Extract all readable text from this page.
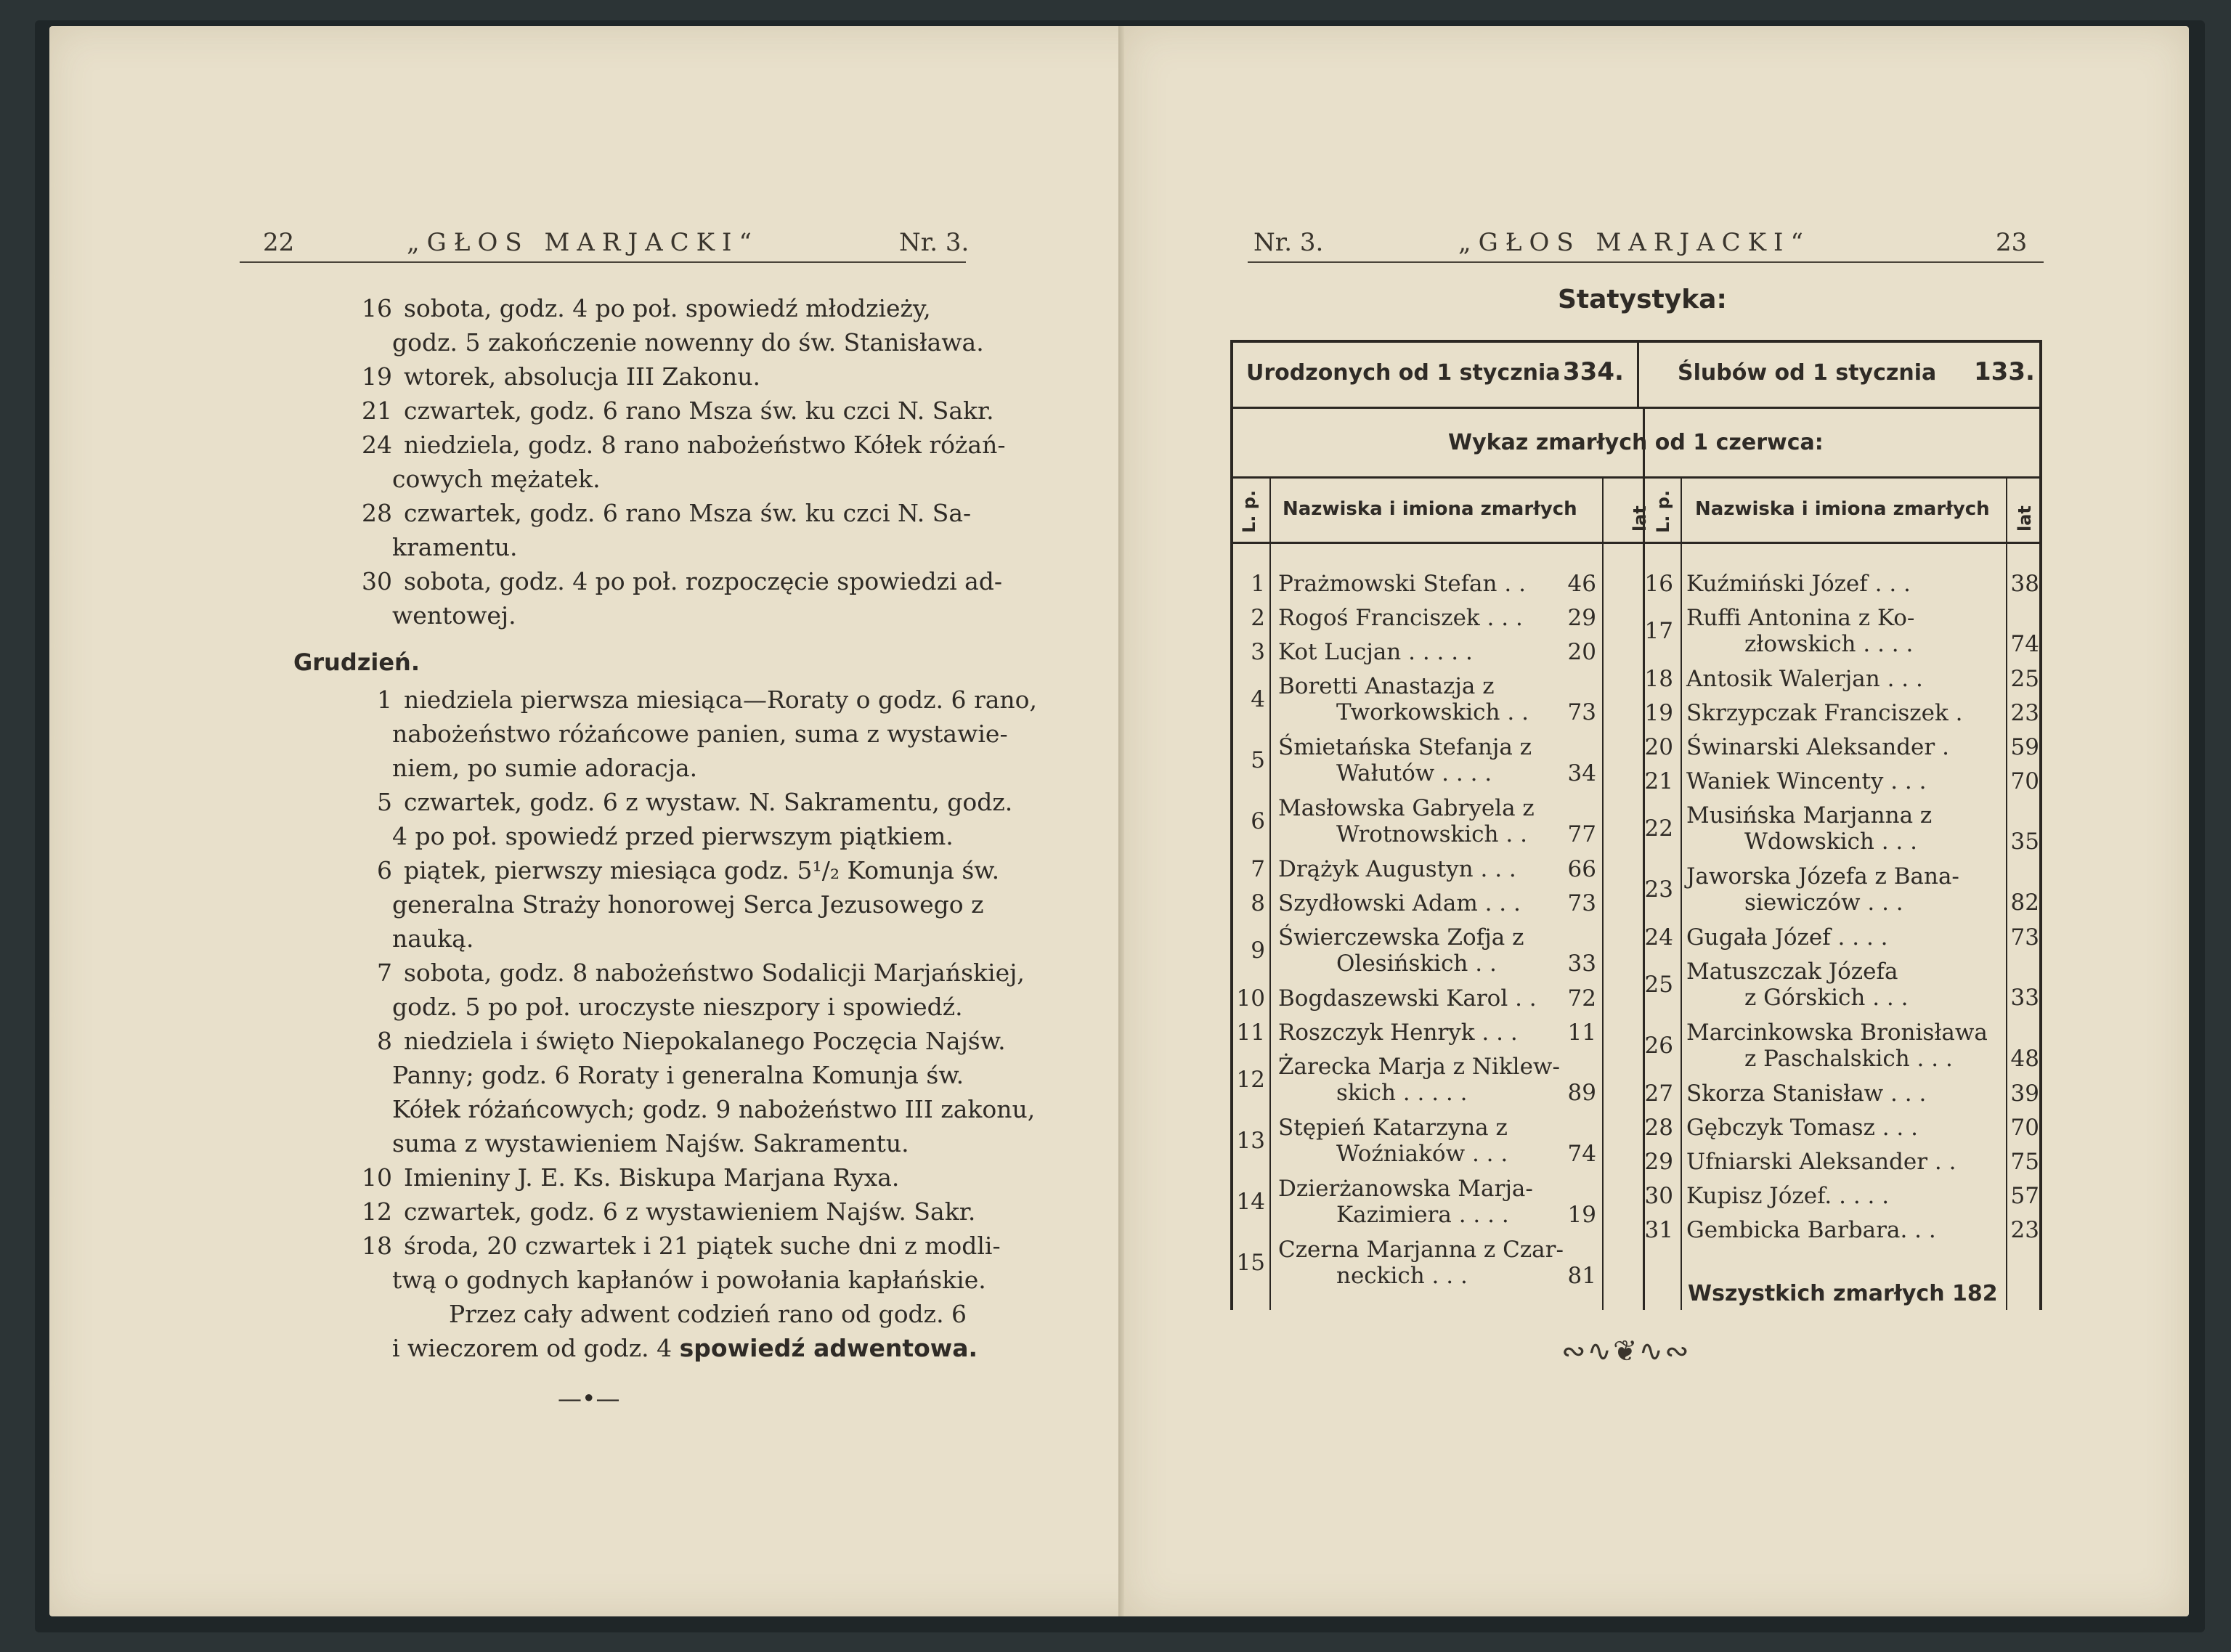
22	„GŁOS MARJACKI“	Nr. 3.	Nr. 3.	„GŁOS MARJACKI“	23
16 sobota, godz. 4 po poł. spowiedź młodzieży,
godz. 5 zakończenie nowenny do św. Stanisława.
19 wtorek, absolucja III Zakonu.
21 czwartek, godz. 6 rano Msza św. ku czci N. Sakr.
24 niedziela, godz. 8 rano nabożeństwo Kółek różań-
cowych mężatek.
28 czwartek, godz. 6 rano Msza św. ku czci N. Sa-
kramentu.
30 sobota, godz. 4 po poł. rozpoczęcie spowiedzi ad-
wentowej.
Grudzień.
1 niedziela pierwsza miesiąca—Roraty o godz. 6 rano,
nabożeństwo różańcowe panien, suma z wystawie-
niem, po sumie adoracja.
5 czwartek, godz. 6 z wystaw. N. Sakramentu, godz.
4 po poł. spowiedź przed pierwszym piątkiem.
6 piątek, pierwszy miesiąca godz. 5¹/₂ Komunja św.
generalna Straży honorowej Serca Jezusowego z
nauką.
7 sobota, godz. 8 nabożeństwo Sodalicji Marjańskiej,
godz. 5 po poł. uroczyste nieszpory i spowiedź.
8 niedziela i święto Niepokalanego Poczęcia Najśw.
Panny; godz. 6 Roraty i generalna Komunja św.
Kółek różańcowych; godz. 9 nabożeństwo III zakonu,
suma z wystawieniem Najśw. Sakramentu.
10 Imieniny J. E. Ks. Biskupa Marjana Ryxa.
12 czwartek, godz. 6 z wystawieniem Najśw. Sakr.
18 środa, 20 czwartek i 21 piątek suche dni z modli-
twą o godnych kapłanów i powołania kapłańskie.
Przez cały adwent codzień rano od godz. 6
i wieczorem od godz. 4 spowiedź adwentowa.
—•—
Statystyka:
Urodzonych od 1 stycznia 334. Ślubów od 1 stycznia 133.
Wykaz zmarłych od 1 czerwca:
L. p. Nazwiska i imiona zmarłych	lat L. p. Nazwiska i imiona zmarłych lat
1 Prażmowski Stefan . . 46
2 Rogoś Franciszek . . . 29
3 Kot Lucjan . . . . .	20
4 Boretti Anastazja z
Tworkowskich . . 73
5 Śmietańska Stefanja z
Wałutów . . . .	34
6 Masłowska Gabryela z
Wrotnowskich . . 77
7 Drążyk Augustyn . . . 66
8 Szydłowski Adam . . . 73
9 Świerczewska Zofja z
Olesińskich . .	33
10 Bogdaszewski Karol . . 72
11 Roszczyk Henryk . . . 11
12 Żarecka Marja z Niklew-
skich . . . . .	89
13 Stępień Katarzyna z
Woźniaków . . .	74
14 Dzierżanowska Marja-
Kazimiera . . . .	19
15 Czerna Marjanna z Czar-
neckich . . .	81
16 Kuźmiński Józef . . .	38
17 Ruffi Antonina z Ko-
złowskich . . . .	74
18 Antosik Walerjan . . .	25
19 Skrzypczak Franciszek . 23
20 Świnarski Aleksander .	59
21 Waniek Wincenty . . .	70
22 Musińska Marjanna z
Wdowskich . . .	35
23 Jaworska Józefa z Bana-
siewiczów . . .	82
24 Gugała Józef . . . .	73
25 Matuszczak Józefa
z Górskich . . .	33
26 Marcinkowska Bronisława
z Paschalskich . . .	48
27 Skorza Stanisław . . .	39
28 Gębczyk Tomasz . . .	70
29 Ufniarski Aleksander . . 75
30 Kupisz Józef. . . . .	57
31 Gembicka Barbara. . .	23
Wszystkich zmarłych 182
∾∿❦∿∾
